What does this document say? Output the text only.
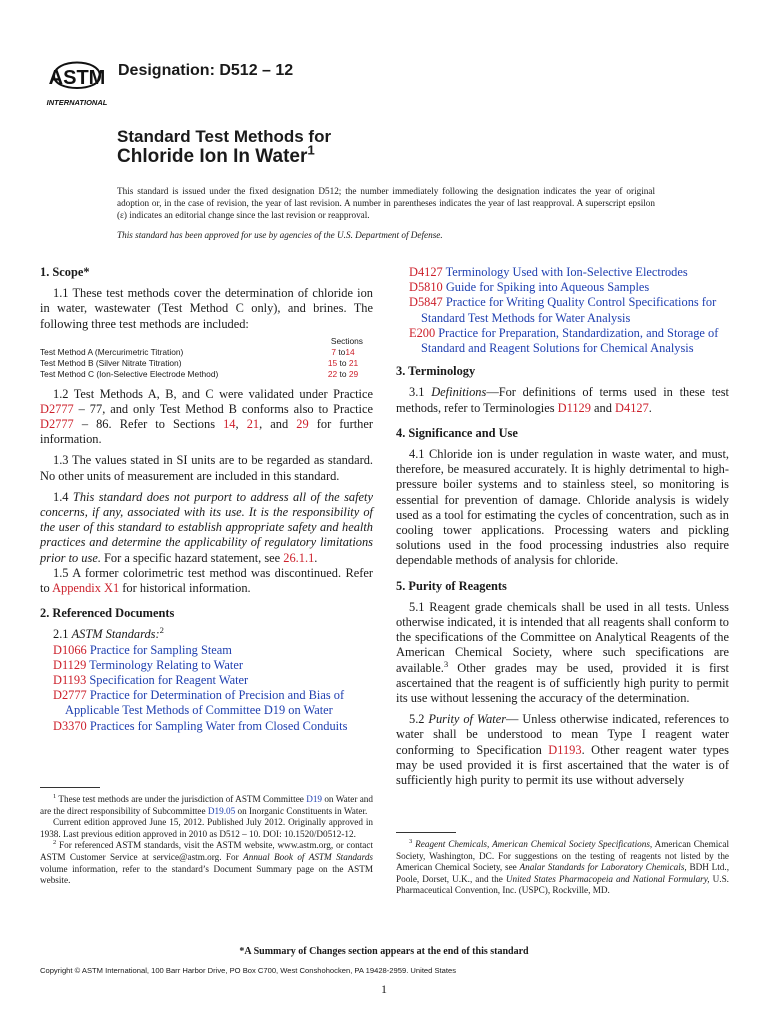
ASTM
INTERNATIONAL
Designation: D512 – 12
Standard Test Methods for
Chloride Ion In Water$^1$
This standard is issued under the fixed designation D512; the number immediately following the designation indicates the year of original adoption or, in the case of revision, the year of last revision. A number in parentheses indicates the year of last reapproval. A superscript epsilon (ε) indicates an editorial change since the last revision or reapproval.
This standard has been approved for use by agencies of the U.S. Department of Defense.
1. Scope*

1.1 These test methods cover the determination of chloride ion in water, wastewater (Test Method C only), and brines. The following three test methods are included:

Sections
Test Method A (Mercurimetric Titration)	7 to14
Test Method B (Silver Nitrate Titration)	15 to 21
Test Method C (Ion-Selective Electrode Method)	22 to 29

1.2 Test Methods A, B, and C were validated under Practice D2777 – 77, and only Test Method B conforms also to Practice D2777 – 86. Refer to Sections 14, 21, and 29 for further information.

1.3 The values stated in SI units are to be regarded as standard. No other units of measurement are included in this standard.

1.4 This standard does not purport to address all of the safety concerns, if any, associated with its use. It is the responsibility of the user of this standard to establish appropriate safety and health practices and determine the applicability of regulatory limitations prior to use. For a specific hazard statement, see 26.1.1.

1.5 A former colorimetric test method was discontinued. Refer to Appendix X1 for historical information.

2. Referenced Documents

2.1 ASTM Standards:$^2$

D1066 Practice for Sampling Steam

D1129 Terminology Relating to Water

D1193 Specification for Reagent Water

D2777 Practice for Determination of Precision and Bias of Applicable Test Methods of Committee D19 on Water

D3370 Practices for Sampling Water from Closed Conduits

$^1$ These test methods are under the jurisdiction of ASTM Committee D19 on Water and are the direct responsibility of Subcommittee D19.05 on Inorganic Constituents in Water.

Current edition approved June 15, 2012. Published July 2012. Originally approved in 1938. Last previous edition approved in 2010 as D512 – 10. DOI: 10.1520/D0512-12.

$^2$ For referenced ASTM standards, visit the ASTM website, www.astm.org, or contact ASTM Customer Service at service@astm.org. For Annual Book of ASTM Standards volume information, refer to the standard’s Document Summary page on the ASTM website.

D4127 Terminology Used with Ion-Selective Electrodes

D5810 Guide for Spiking into Aqueous Samples

D5847 Practice for Writing Quality Control Specifications for Standard Test Methods for Water Analysis

E200 Practice for Preparation, Standardization, and Storage of Standard and Reagent Solutions for Chemical Analysis

3. Terminology

3.1 Definitions—For definitions of terms used in these test methods, refer to Terminologies D1129 and D4127.

4. Significance and Use

4.1 Chloride ion is under regulation in waste water, and must, therefore, be measured accurately. It is highly detrimental to high-pressure boiler systems and to stainless steel, so monitoring is essential for prevention of damage. Chloride analysis is widely used as a tool for estimating the cycles of concentration, such as in cooling tower applications. Processing waters and pickling solutions used in the food processing industries also require dependable methods of analysis for chloride.

5. Purity of Reagents

5.1 Reagent grade chemicals shall be used in all tests. Unless otherwise indicated, it is intended that all reagents shall conform to the specifications of the Committee on Analytical Reagents of the American Chemical Society, where such specifications are available.$^3$ Other grades may be used, provided it is first ascertained that the reagent is of sufficiently high purity to permit its use without lessening the accuracy of the determination.

5.2 Purity of Water— Unless otherwise indicated, references to water shall be understood to mean Type I reagent water conforming to Specification D1193. Other reagent water types may be used provided it is first ascertained that the water is of sufficiently high purity to permit its use without adversely

$^3$ Reagent Chemicals, American Chemical Society Specifications, American Chemical Society, Washington, DC. For suggestions on the testing of reagents not listed by the American Chemical Society, see Analar Standards for Laboratory Chemicals, BDH Ltd., Poole, Dorset, U.K., and the United States Pharmacopeia and National Formulary, U.S. Pharmaceutical Convention, Inc. (USPC), Rockville, MD.

*A Summary of Changes section appears at the end of this standard
Copyright © ASTM International, 100 Barr Harbor Drive, PO Box C700, West Conshohocken, PA 19428-2959. United States
1
